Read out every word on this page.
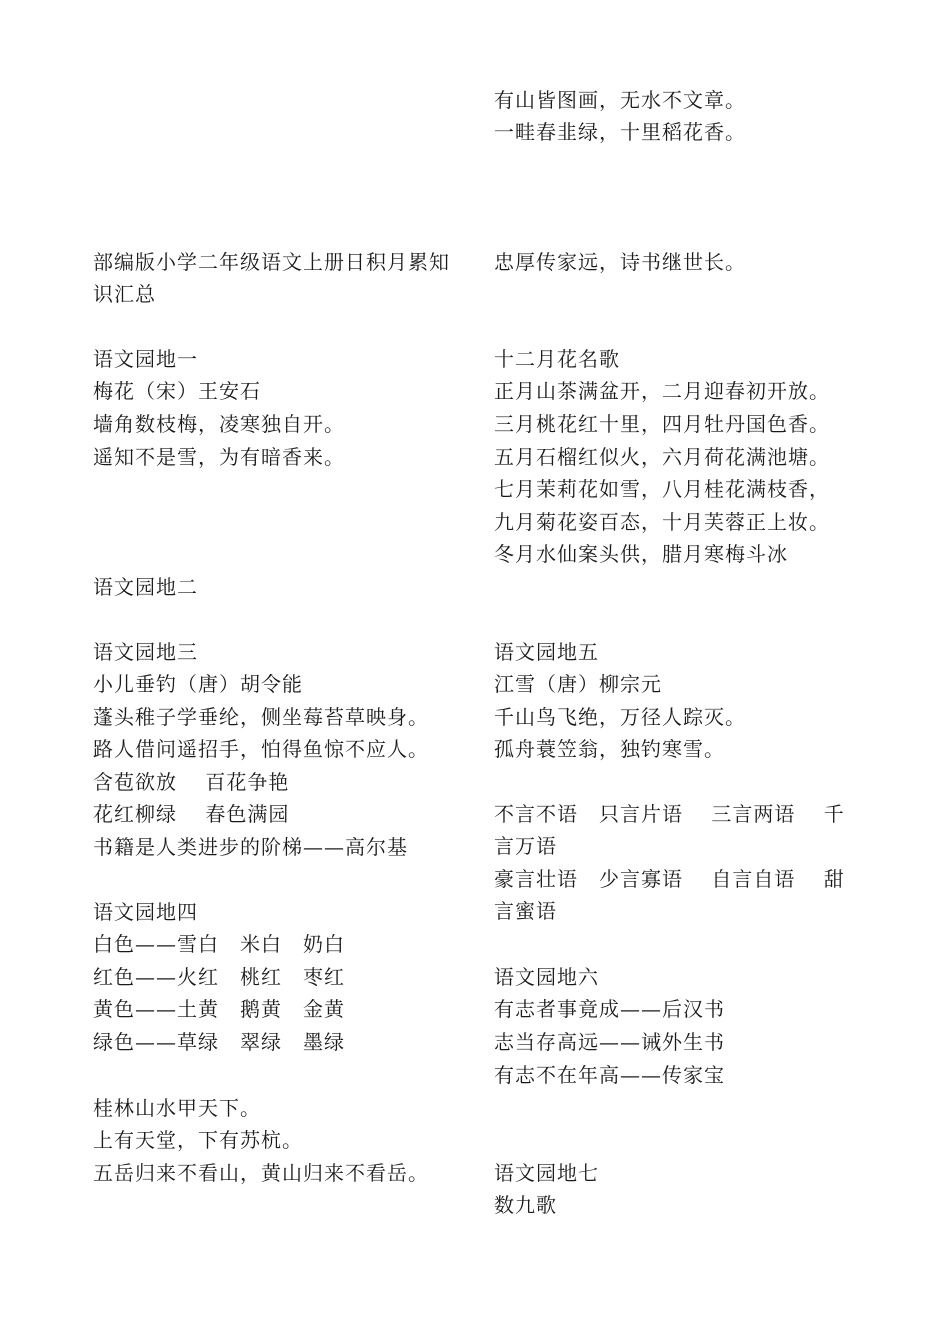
部编版小学二年级语文上册日积月累知识汇总
语文园地一
梅花（宋）王安石
墙角数枝梅，凌寒独自开。
遥知不是雪，为有暗香来。
语文园地二
语文园地三
小儿垂钓（唐）胡令能
蓬头稚子学垂纶，侧坐莓苔草映身。
路人借问遥招手，怕得鱼惊不应人。
含苞欲放　 百花争艳
花红柳绿　 春色满园
书籍是人类进步的阶梯——高尔基
语文园地四
白色——雪白　米白　奶白
红色——火红　桃红　枣红
黄色——土黄　鹅黄　金黄
绿色——草绿　翠绿　墨绿
桂林山水甲天下。
上有天堂，下有苏杭。
五岳归来不看山，黄山归来不看岳。
有山皆图画，无水不文章。
一畦春韭绿，十里稻花香。
忠厚传家远，诗书继世长。
十二月花名歌
正月山茶满盆开，二月迎春初开放。
三月桃花红十里，四月牡丹国色香。
五月石榴红似火，六月荷花满池塘。
七月茉莉花如雪，八月桂花满枝香，
九月菊花姿百态，十月芙蓉正上妆。
冬月水仙案头供，腊月寒梅斗冰
语文园地五
江雪（唐）柳宗元
千山鸟飞绝，万径人踪灭。
孤舟蓑笠翁，独钓寒雪。
不言不语　只言片语　 三言两语　 千言万语
豪言壮语　少言寡语　 自言自语　 甜言蜜语
语文园地六
有志者事竟成——后汉书
志当存高远——诫外生书
有志不在年高——传家宝
语文园地七
数九歌
